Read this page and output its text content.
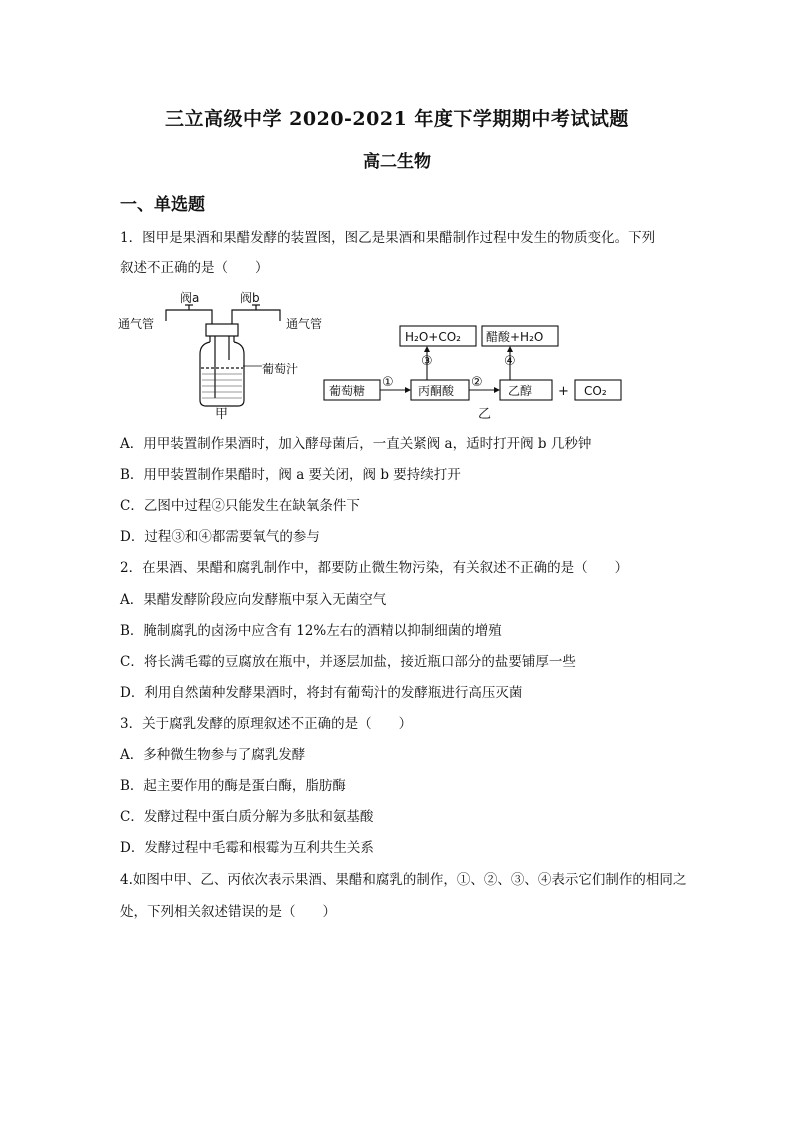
三立高级中学 2020-2021 年度下学期期中考试试题
高二生物
一、单选题
1．图甲是果酒和果醋发酵的装置图，图乙是果酒和果醋制作过程中发生的物质变化。下列
叙述不正确的是（　　）
阀a	阀b
通气管	通气管
葡萄汁
甲
葡萄糖	丙酮酸	乙醇 + CO₂
H₂O+CO₂ 醋酸+H₂O
①	②
③	④
乙
A．用甲装置制作果酒时，加入酵母菌后，一直关紧阀 a，适时打开阀 b 几秒钟
B．用甲装置制作果醋时，阀 a 要关闭，阀 b 要持续打开
C．乙图中过程②只能发生在缺氧条件下
D．过程③和④都需要氧气的参与
2．在果酒、果醋和腐乳制作中，都要防止微生物污染，有关叙述不正确的是（　　）
A．果醋发酵阶段应向发酵瓶中泵入无菌空气
B．腌制腐乳的卤汤中应含有 12%左右的酒精以抑制细菌的增殖
C．将长满毛霉的豆腐放在瓶中，并逐层加盐，接近瓶口部分的盐要铺厚一些
D．利用自然菌种发酵果酒时，将封有葡萄汁的发酵瓶进行高压灭菌
3．关于腐乳发酵的原理叙述不正确的是（　　）
A．多种微生物参与了腐乳发酵
B．起主要作用的酶是蛋白酶，脂肪酶
C．发酵过程中蛋白质分解为多肽和氨基酸
D．发酵过程中毛霉和根霉为互利共生关系
4.如图中甲、乙、丙依次表示果酒、果醋和腐乳的制作，①、②、③、④表示它们制作的相同之
处，下列相关叙述错误的是（　　）
